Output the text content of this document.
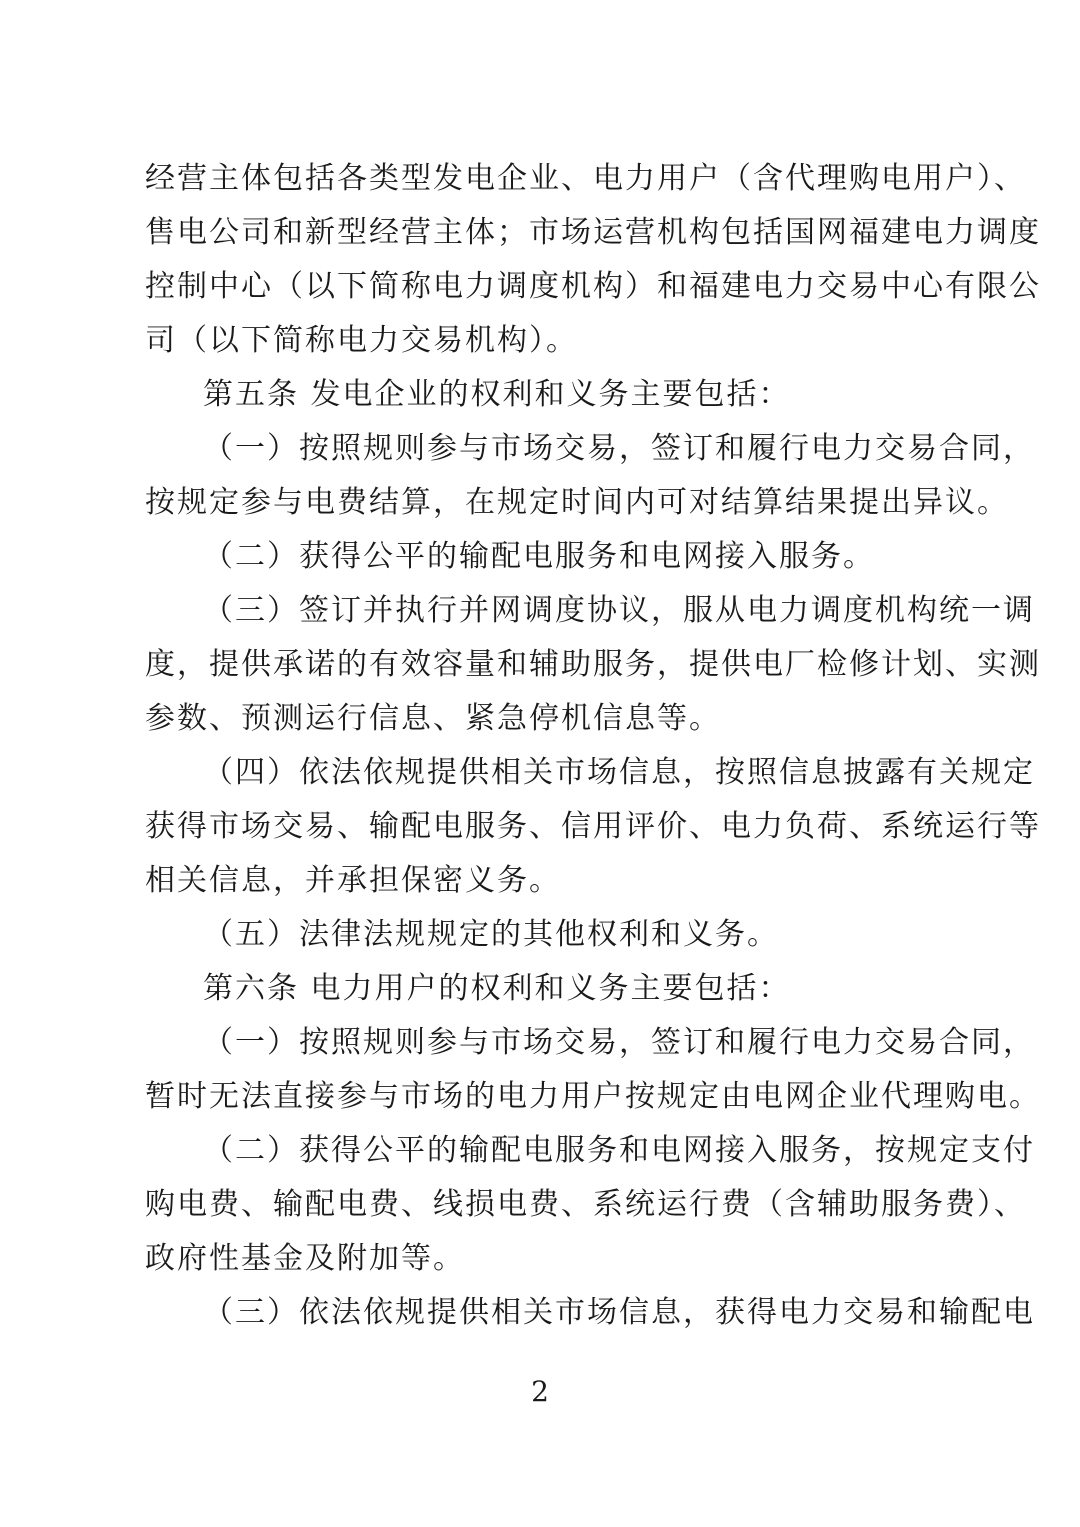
经营主体包括各类型发电企业、电力用户（含代理购电用户）、
售电公司和新型经营主体；市场运营机构包括国网福建电力调度
控制中心（以下简称电力调度机构）和福建电力交易中心有限公
司（以下简称电力交易机构）。
第五条 发电企业的权利和义务主要包括：
（一）按照规则参与市场交易，签订和履行电力交易合同，
按规定参与电费结算，在规定时间内可对结算结果提出异议。
（二）获得公平的输配电服务和电网接入服务。
（三）签订并执行并网调度协议，服从电力调度机构统一调
度，提供承诺的有效容量和辅助服务，提供电厂检修计划、实测
参数、预测运行信息、紧急停机信息等。
（四）依法依规提供相关市场信息，按照信息披露有关规定
获得市场交易、输配电服务、信用评价、电力负荷、系统运行等
相关信息，并承担保密义务。
（五）法律法规规定的其他权利和义务。
第六条 电力用户的权利和义务主要包括：
（一）按照规则参与市场交易，签订和履行电力交易合同，
暂时无法直接参与市场的电力用户按规定由电网企业代理购电。
（二）获得公平的输配电服务和电网接入服务，按规定支付
购电费、输配电费、线损电费、系统运行费（含辅助服务费）、
政府性基金及附加等。
（三）依法依规提供相关市场信息，获得电力交易和输配电
2
